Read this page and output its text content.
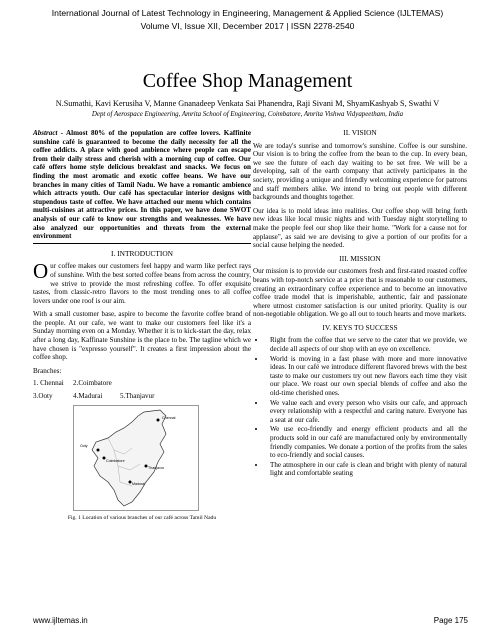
International Journal of Latest Technology in Engineering, Management & Applied Science (IJLTEMAS)
Volume VI, Issue XII, December 2017 | ISSN 2278-2540
Coffee Shop Management
N.Sumathi, Kavi Kerusiha V, Manne Gnanadeep Venkata Sai Phanendra, Raji Sivani M, ShyamKashyab S, Swathi V
Dept of Aerospace Engineering, Amrita School of Engineering, Coimbatore, Amrita Vishwa Vidyapeetham, India
Abstract - Almost 80% of the population are coffee lovers. Kaffinite sunshine café is guaranteed to become the daily necessity for all the coffee addicts. A place with good ambience where people can escape from their daily stress and cherish with a morning cup of coffee. Our café offers home style delicious breakfast and snacks. We focus on finding the most aromatic and exotic coffee beans. We have our branches in many cities of Tamil Nadu. We have a romantic ambience which attracts youth. Our café has spectacular interior designs with stupendous taste of coffee. We have attached our menu which contains multi-cuisines at attractive prices. In this paper, we have done SWOT analysis of our café to know our strengths and weaknesses. We have also analyzed our opportunities and threats from the external environment
I. INTRODUCTION

Our coffee makes our customers feel happy and warm like perfect rays of sunshine. With the best sorted coffee beans from across the country, we strive to provide the most refreshing coffee. To offer exquisite tastes, from classic-retro flavors to the most trending ones to all coffee lovers under one roof is our aim.

With a small customer base, aspire to become the favorite coffee brand of the people. At our cafe, we want to make our customers feel like it's a Sunday morning even on a Monday. Whether it is to kick-start the day, relax after a long day, Kaffinate Sunshine is the place to be. The tagline which we have chosen is "expresso yourself". It creates a first impression about the coffee shop.

Branches:
1. Chennai	2.Coimbatore
3.Ooty	4.Madurai	5.Thanjavur
Chennai
Coimbatore
Madurai
Thanjavur
Ooty
Fig. 1 Location of various branches of our café across Tamil Nadu
II. VISION

We are today's sunrise and tomorrow's sunshine. Coffee is our sunshine. Our vision is to bring the coffee from the bean to the cup. In every bean, we see the future of each day waiting to be set free. We will be a developing, salt of the earth company that actively participates in the society, providing a unique and friendly welcoming experience for patrons and staff members alike. We intend to bring out people with different backgrounds and thoughts together.

Our idea is to mold ideas into realities. Our coffee shop will bring forth new ideas like local music nights and with Tuesday night storytelling to make the people feel our shop like their home. "Work for a cause not for applause", as said we are devising to give a portion of our profits for a social cause helping the needed.

III. MISSION

Our mission is to provide our customers fresh and first-rated roasted coffee beans with top-notch service at a price that is reasonable to our customers, creating an extraordinary coffee experience and to become an innovative coffee trade model that is imperishable, authentic, fair and passionate where utmost customer satisfaction is our united priority. Quality is our non-negotiable obligation. We go all out to touch hearts and move markets.

IV. KEYS TO SUCCESS
• Right from the coffee that we serve to the cater that we provide, we decide all aspects of our shop with an eye on excellence.
• World is moving in a fast phase with more and more innovative ideas. In our café we introduce different flavored brews with the best taste to make our customers try out new flavors each time they visit our place. We roast our own special blends of coffee and also the old-time cherished ones.
• We value each and every person who visits our cafe, and approach every relationship with a respectful and caring nature. Everyone has a seat at our cafe.
• We use eco-friendly and energy efficient products and all the products sold in our café are manufactured only by environmentally friendly companies. We donate a portion of the profits from the sales to eco-friendly and social causes.
• The atmosphere in our cafe is clean and bright with plenty of natural light and comfortable seating
www.ijltemas.in	Page 175
